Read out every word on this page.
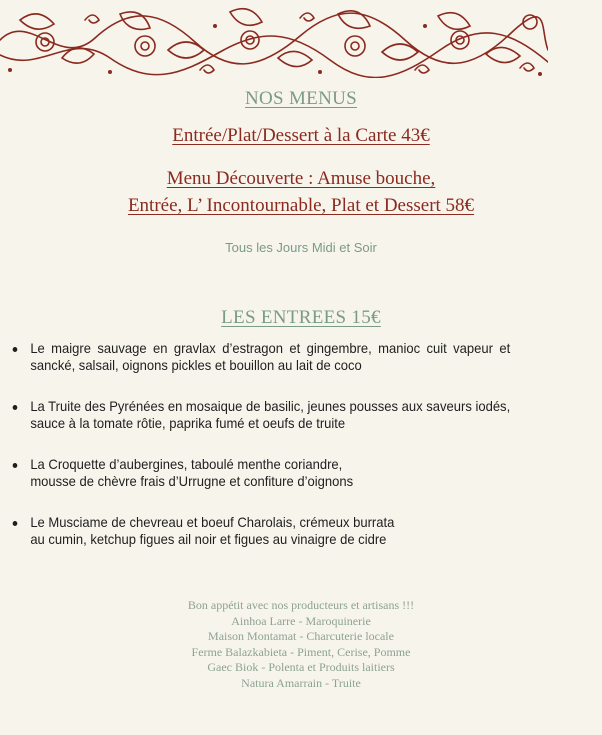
NOS MENUS
Entrée/Plat/Dessert à la Carte 43€
Menu Découverte : Amuse bouche,
Entrée, L’ Incontournable, Plat et Dessert 58€
Tous les Jours Midi et Soir
LES ENTREES 15€
Le maigre sauvage en gravlax d’estragon et gingembre, manioc cuit vapeur et sancké, salsail, oignons pickles et bouillon au lait de coco
La Truite des Pyrénées en mosaique de basilic, jeunes pousses aux saveurs iodés, sauce à la tomate rôtie, paprika fumé et oeufs de truite
La Croquette d’aubergines, taboulé menthe coriandre,
mousse de chèvre frais d’Urrugne et confiture d’oignons
Le Musciame de chevreau et boeuf Charolais, crémeux burrata
au cumin, ketchup figues ail noir et figues au vinaigre de cidre
Bon appétit avec nos producteurs et artisans !!!
Ainhoa Larre - Maroquinerie
Maison Montamat - Charcuterie locale
Ferme Balazkabieta - Piment, Cerise, Pomme
Gaec Biok - Polenta et Produits laitiers
Natura Amarrain - Truite
